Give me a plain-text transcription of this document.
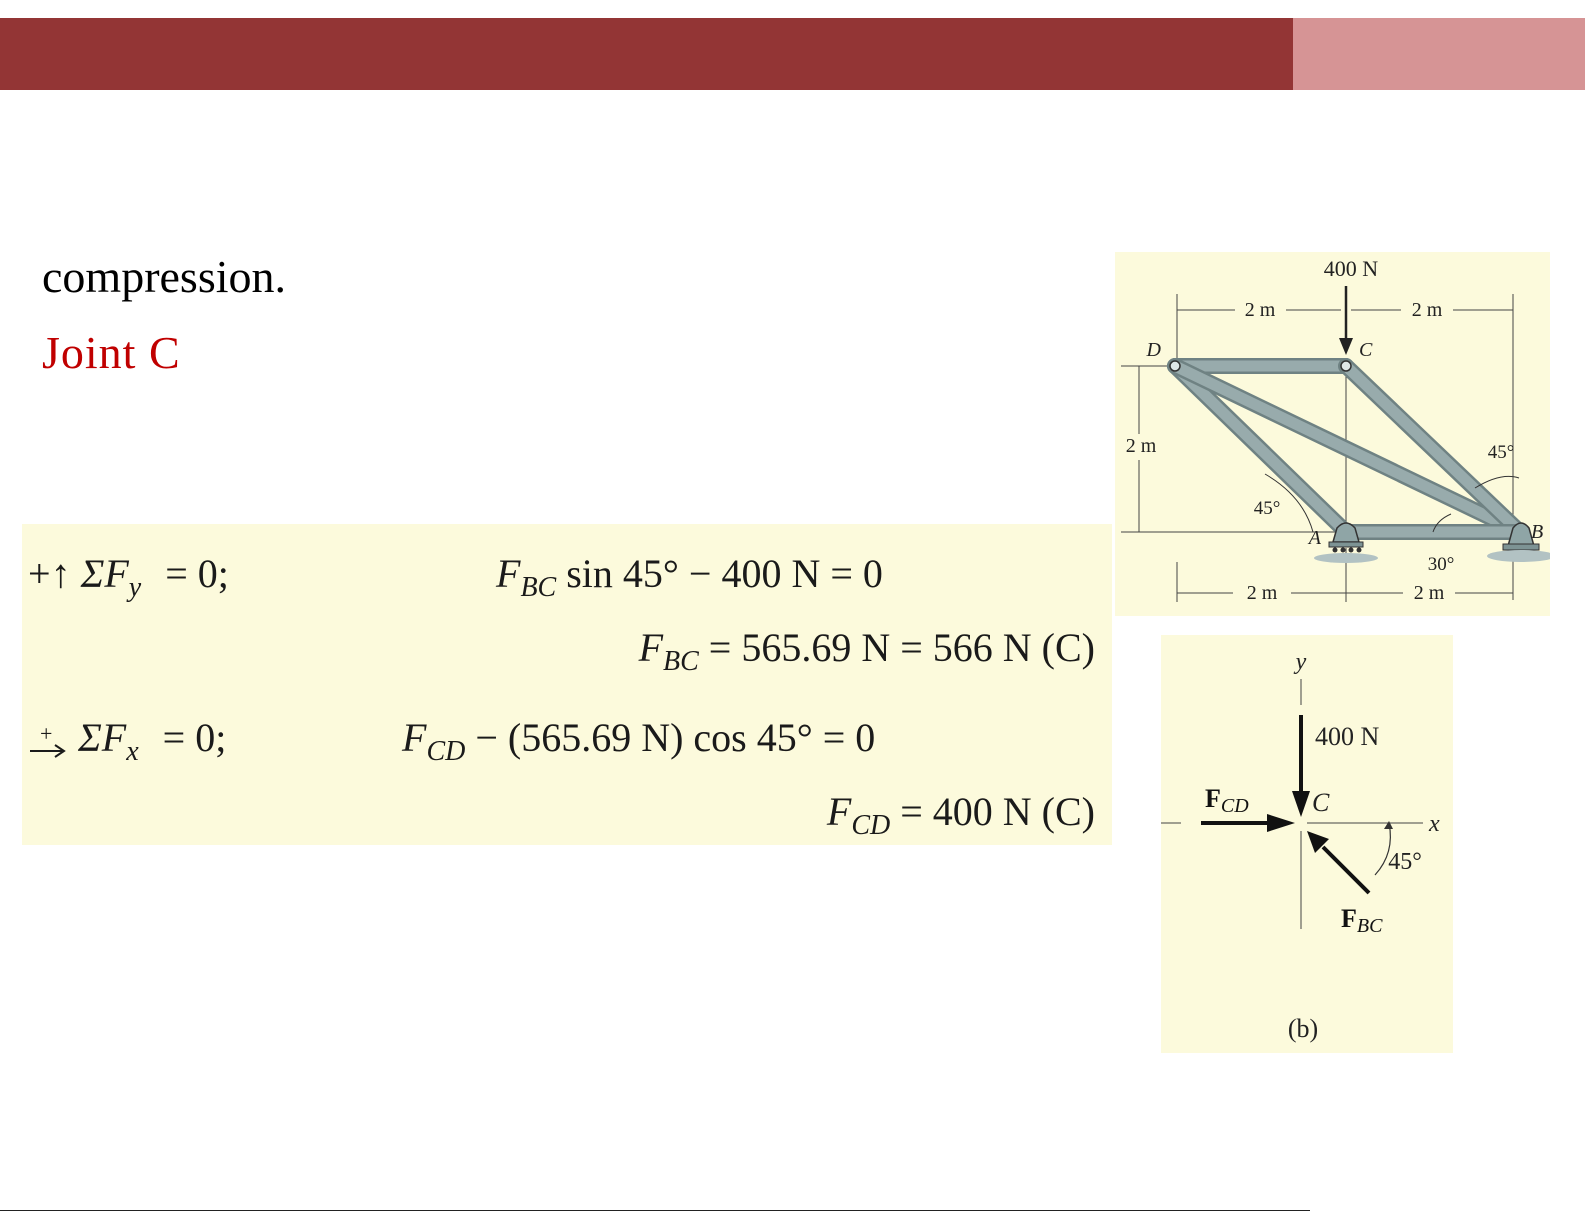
compression.
Joint C
+↑ $\Sigma F_y = 0$;	$F_{BC}$ sin 45° − 400 N = 0
$F_{BC} = 565.69$ N = 566 N (C)
+ $\Sigma F_x = 0$;	$F_{CD} - (565.69$ N) cos 45° = 0
$F_{CD} = 400$ N (C)
400 N
2 m	2 m
2 m
2 m	2 m
45°
45°
30°
D	C
A	B
y
x
400 N
C
FCD
FBC
45°
(b)
